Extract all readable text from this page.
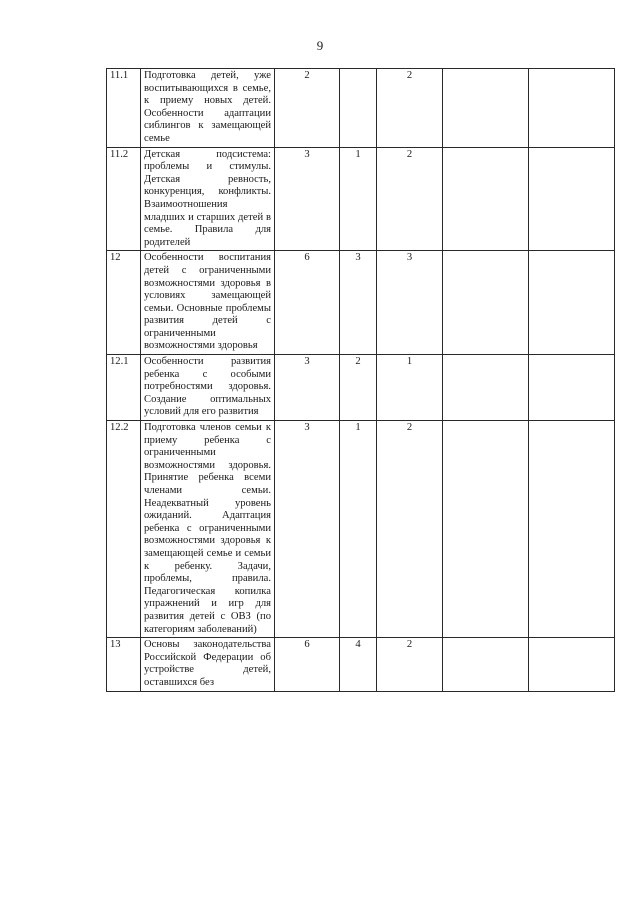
9
11.1	Подготовка детей, уже воспитывающихся в семье, к приему новых детей. Особенности адаптации сиблингов к замещающей семье	2		2		
11.2	Детская подсистема: проблемы и стимулы. Детская ревность, конкуренция, конфликты. Взаимоотношения младших и старших детей в семье. Правила для родителей	3	1	2		
12	Особенности воспитания детей с ограниченными возможностями здоровья в условиях замещающей семьи. Основные проблемы развития детей с ограниченными возможностями здоровья	6	3	3		
12.1	Особенности развития ребенка с особыми потребностями здоровья. Создание оптимальных условий для его развития	3	2	1		
12.2	Подготовка членов семьи к приему ребенка с ограниченными возможностями здоровья. Принятие ребенка всеми членами семьи. Неадекватный уровень ожиданий. Адаптация ребенка с ограниченными возможностями здоровья к замещающей семье и семьи к ребенку. Задачи, проблемы, правила. Педагогическая копилка упражнений и игр для развития детей с ОВЗ (по категориям заболеваний)	3	1	2		
13	Основы законодательства Российской Федерации об устройстве детей, оставшихся без	6	4	2		
